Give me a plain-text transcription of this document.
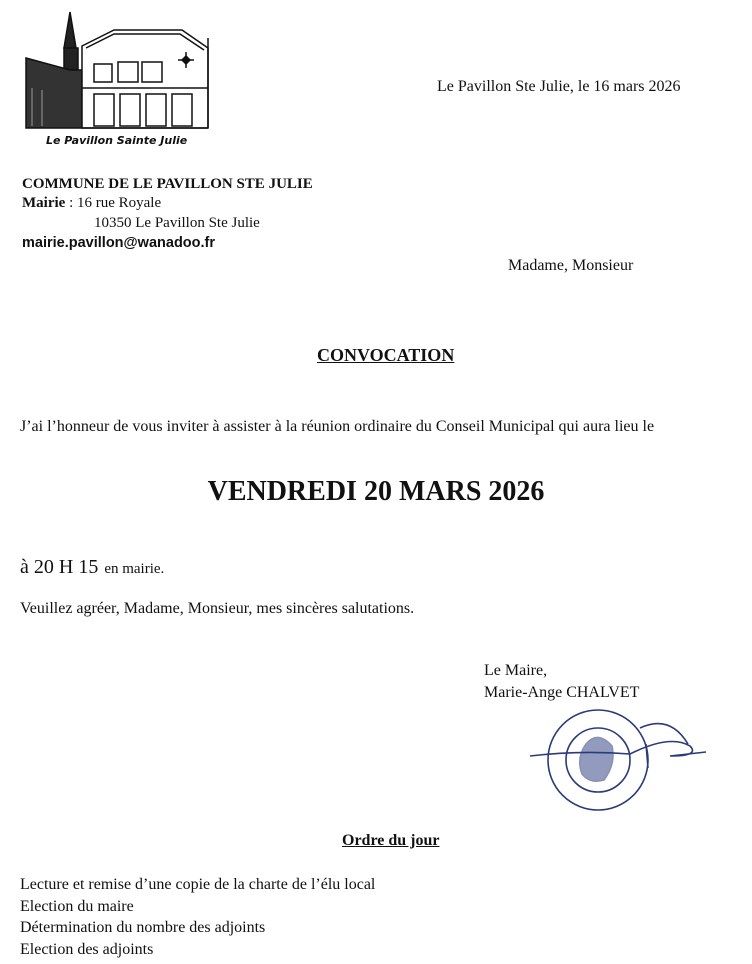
Le Pavillon Sainte Julie
Le Pavillon Ste Julie, le 16 mars 2026
COMMUNE DE LE PAVILLON STE JULIE
Mairie : 16 rue Royale
10350 Le Pavillon Ste Julie
mairie.pavillon@wanadoo.fr
Madame, Monsieur
CONVOCATION
J’ai l’honneur de vous inviter à assister à la réunion ordinaire du Conseil Municipal qui aura lieu le
VENDREDI 20 MARS 2026
à 20 H 15 en mairie.
Veuillez agréer, Madame, Monsieur, mes sincères salutations.
Le Maire,
Marie-Ange CHALVET
Ordre du jour
Lecture et remise d’une copie de la charte de l’élu local
Election du maire
Détermination du nombre des adjoints
Election des adjoints
